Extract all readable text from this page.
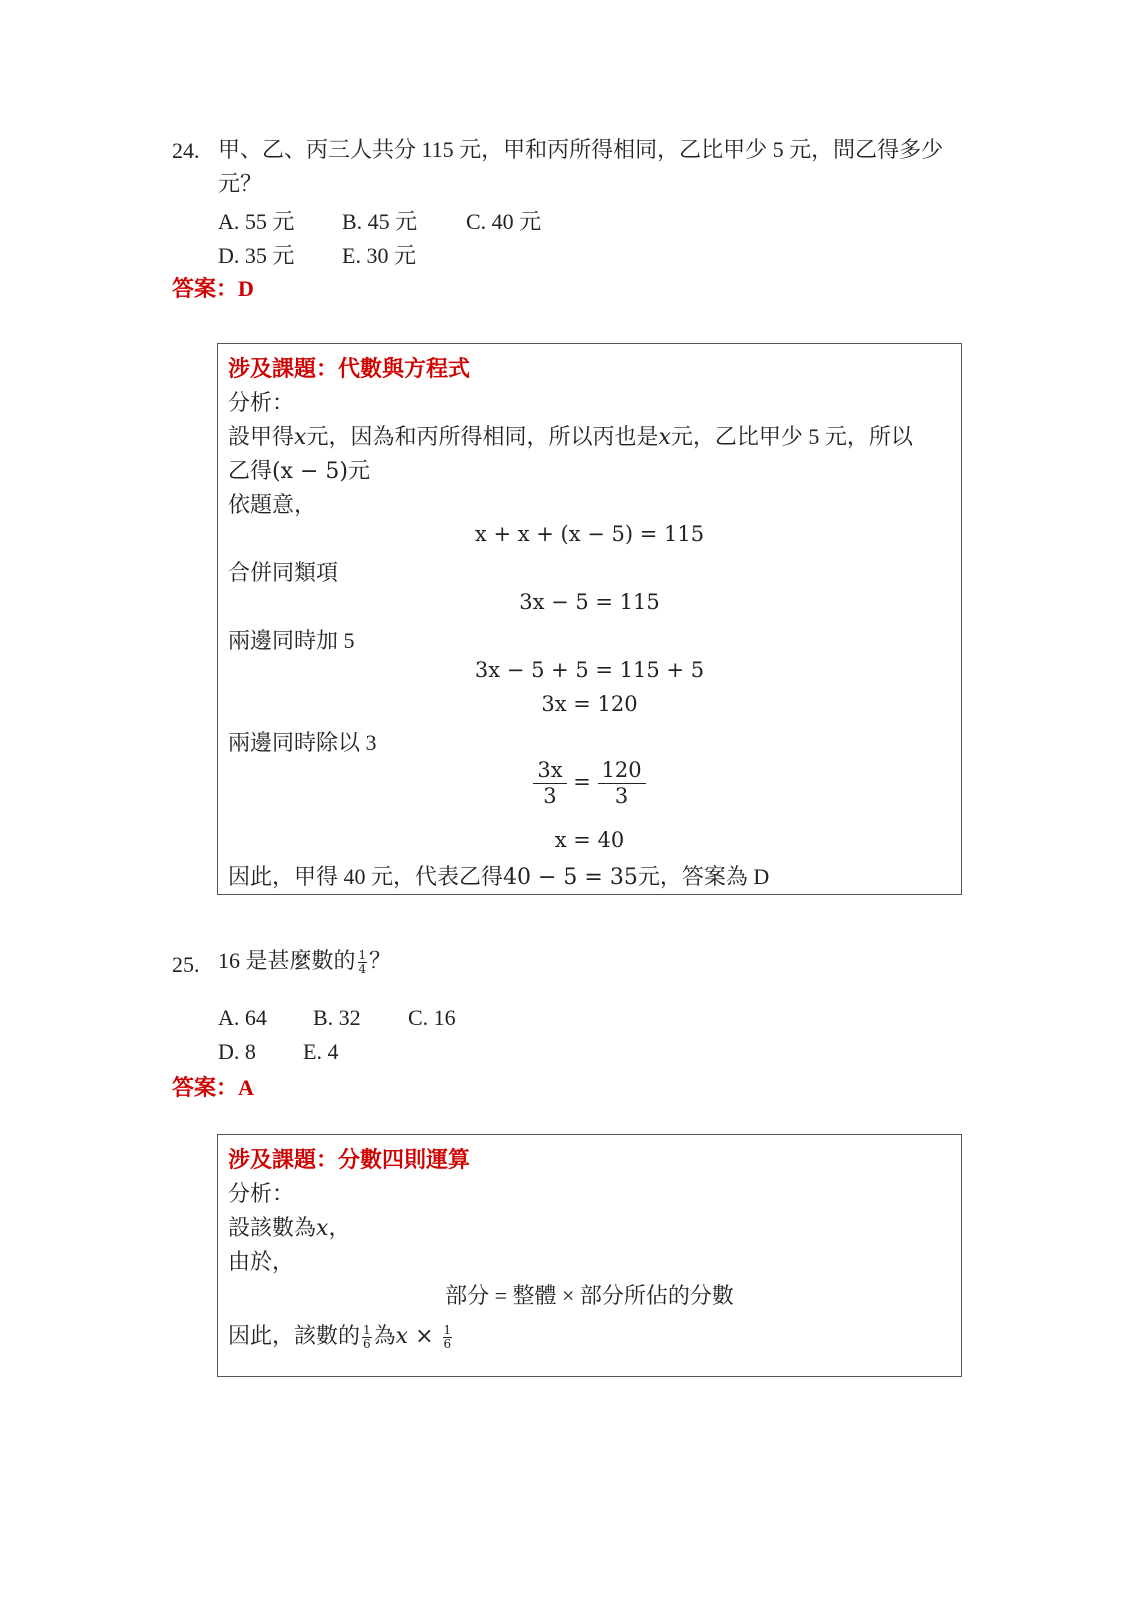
24. 甲、乙、丙三人共分 115 元，甲和丙所得相同，乙比甲少 5 元，問乙得多少元？
A. 55 元 B. 45 元 C. 40 元
D. 35 元 E. 30 元
答案：D
涉及課題：代數與方程式
分析：
設甲得x元，因為和丙所得相同，所以丙也是x元，乙比甲少 5 元，所以
乙得(x − 5)元
依題意，
x + x + (x − 5) = 115
合併同類項
3x − 5 = 115
兩邊同時加 5
3x − 5 + 5 = 115 + 5
3x = 120
兩邊同時除以 3
$\frac{3x}{3} = \frac{120}{3}$
x = 40
因此，甲得 40 元，代表乙得40 − 5 = 35元，答案為 D
25. 16 是甚麼數的 $\frac{1}{4}$ ？
A. 64 B. 32 C. 16
D. 8 E. 4
答案：A
涉及課題：分數四則運算
分析：
設該數為x，
由於，
部分 = 整體 × 部分所佔的分數
因此，該數的 $\frac{1}{6}$ 為$x \times \frac{1}{6}$
